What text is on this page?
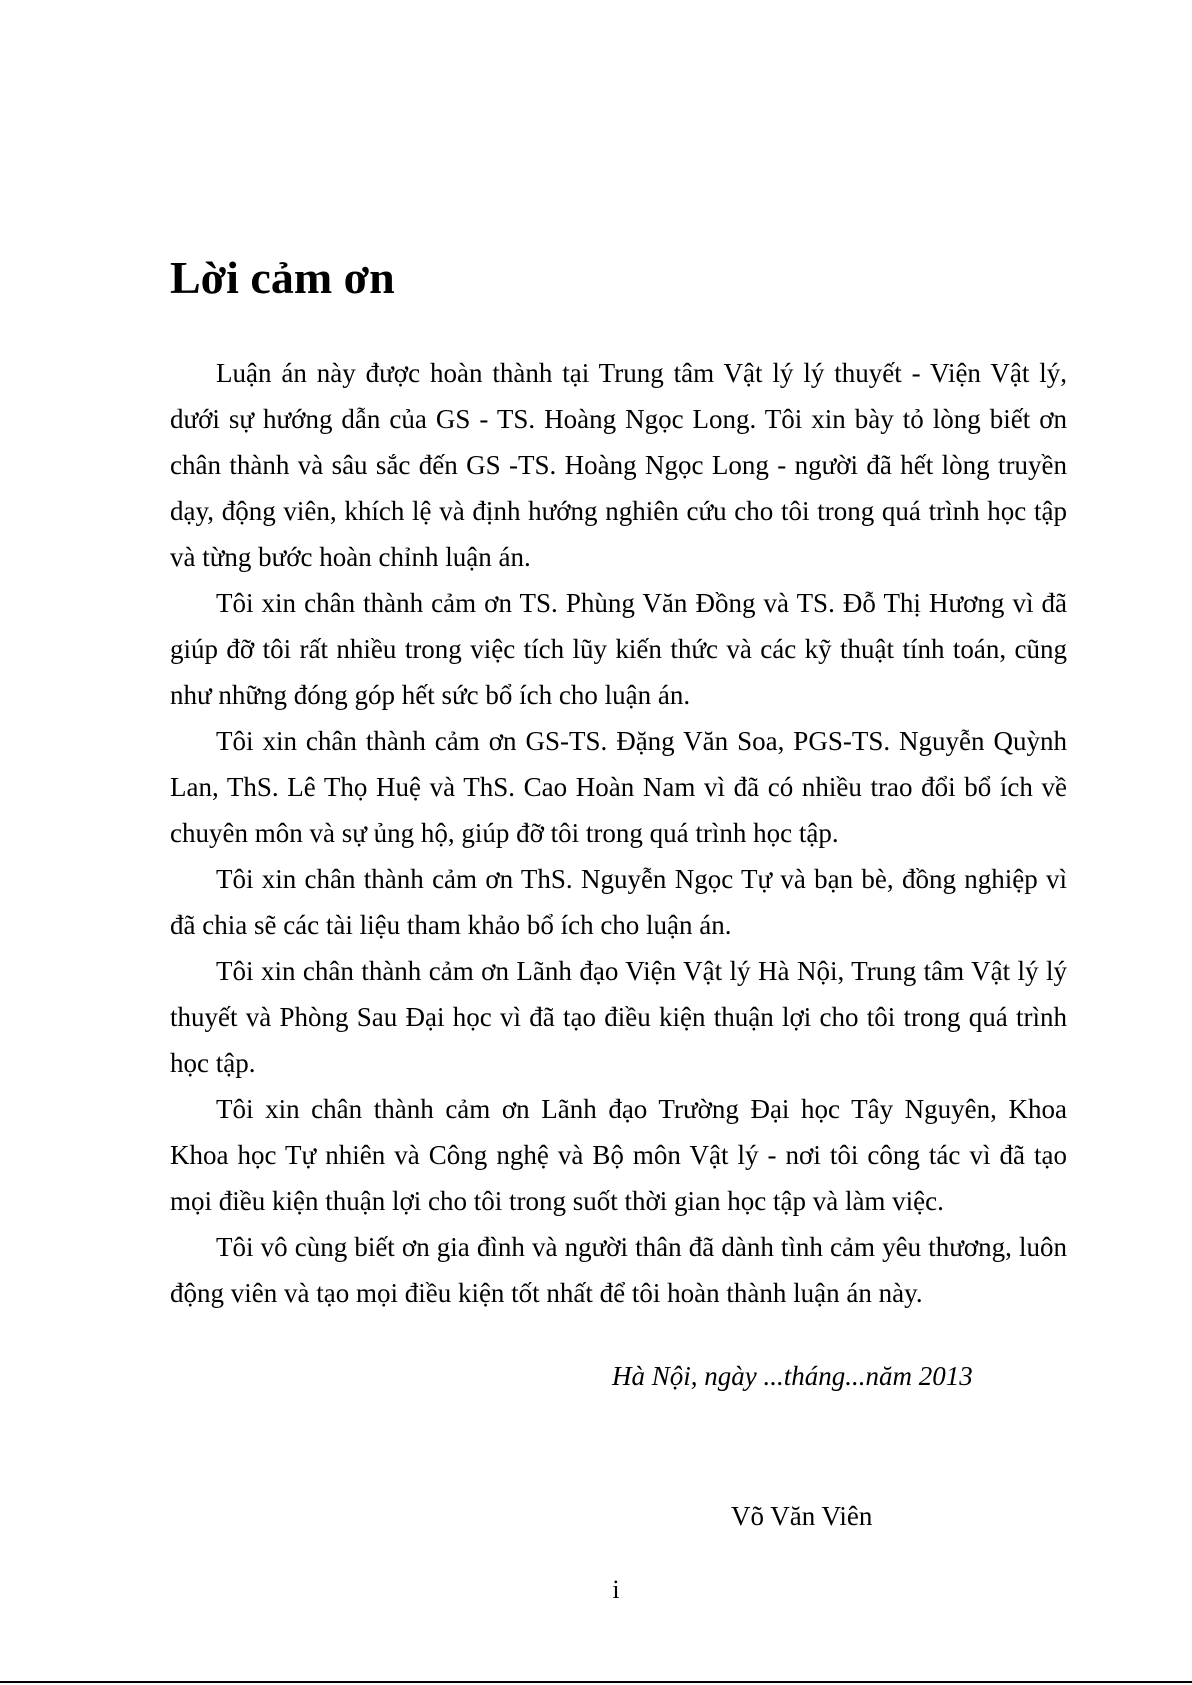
Lời cảm ơn

Luận án này được hoàn thành tại Trung tâm Vật lý lý thuyết - Viện Vật lý, dưới sự hướng dẫn của GS - TS. Hoàng Ngọc Long. Tôi xin bày tỏ lòng biết ơn chân thành và sâu sắc đến GS -TS. Hoàng Ngọc Long - người đã hết lòng truyền dạy, động viên, khích lệ và định hướng nghiên cứu cho tôi trong quá trình học tập và từng bước hoàn chỉnh luận án.

Tôi xin chân thành cảm ơn TS. Phùng Văn Đồng và TS. Đỗ Thị Hương vì đã giúp đỡ tôi rất nhiều trong việc tích lũy kiến thức và các kỹ thuật tính toán, cũng như những đóng góp hết sức bổ ích cho luận án.

Tôi xin chân thành cảm ơn GS-TS. Đặng Văn Soa, PGS-TS. Nguyễn Quỳnh Lan, ThS. Lê Thọ Huệ và ThS. Cao Hoàn Nam vì đã có nhiều trao đổi bổ ích về chuyên môn và sự ủng hộ, giúp đỡ tôi trong quá trình học tập.

Tôi xin chân thành cảm ơn ThS. Nguyễn Ngọc Tự và bạn bè, đồng nghiệp vì đã chia sẽ các tài liệu tham khảo bổ ích cho luận án.

Tôi xin chân thành cảm ơn Lãnh đạo Viện Vật lý Hà Nội, Trung tâm Vật lý lý thuyết và Phòng Sau Đại học vì đã tạo điều kiện thuận lợi cho tôi trong quá trình học tập.

Tôi xin chân thành cảm ơn Lãnh đạo Trường Đại học Tây Nguyên, Khoa Khoa học Tự nhiên và Công nghệ và Bộ môn Vật lý - nơi tôi công tác vì đã tạo mọi điều kiện thuận lợi cho tôi trong suốt thời gian học tập và làm việc.

Tôi vô cùng biết ơn gia đình và người thân đã dành tình cảm yêu thương, luôn động viên và tạo mọi điều kiện tốt nhất để tôi hoàn thành luận án này.

Hà Nội, ngày ...tháng...năm 2013

Võ Văn Viên

i
